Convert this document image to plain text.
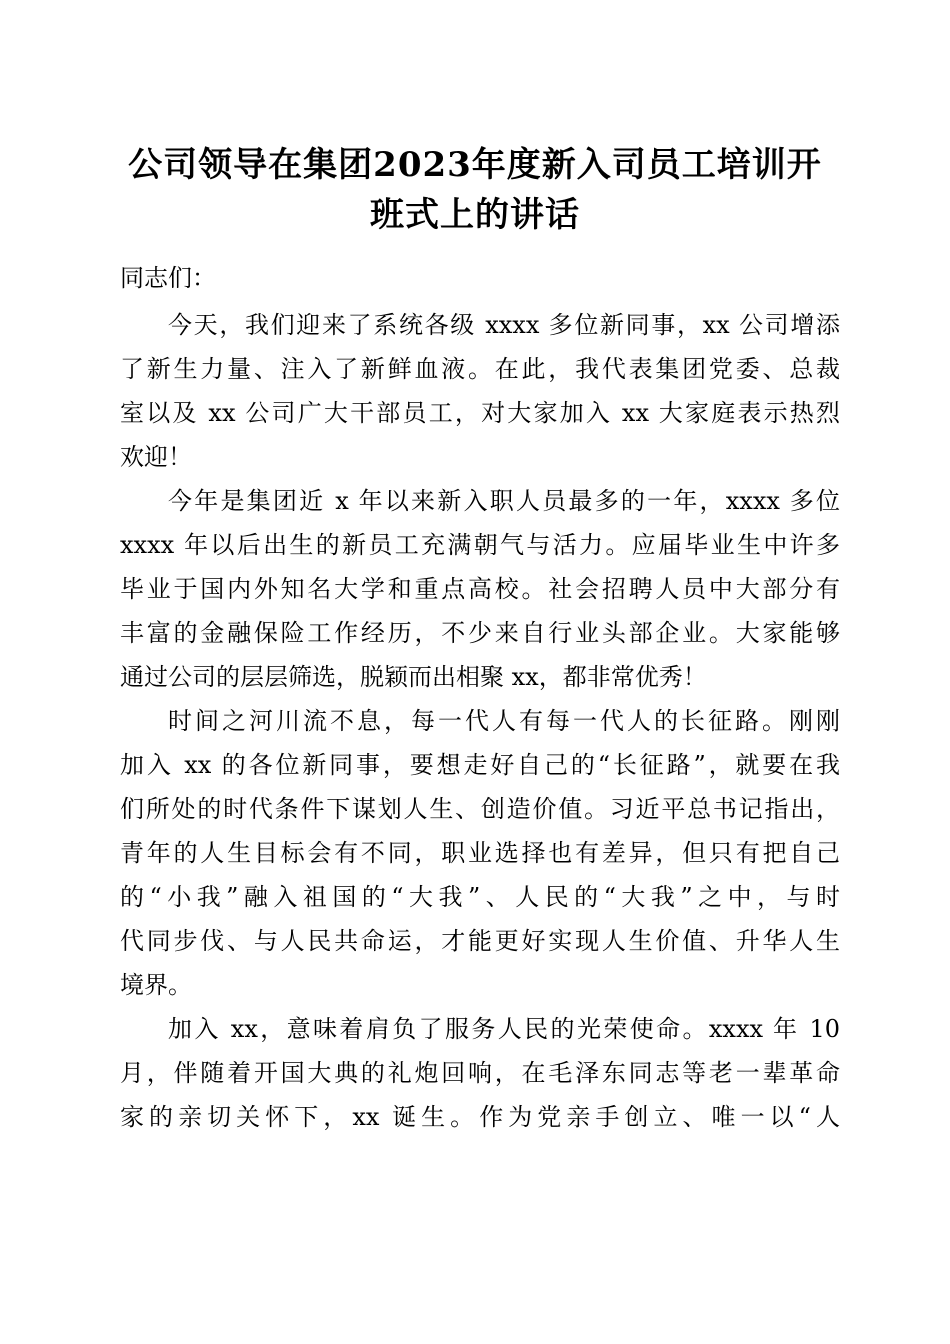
公司领导在集团2023年度新入司员工培训开
班式上的讲话
同志们：
今天，我们迎来了系统各级 xxxx 多位新同事，xx 公司增添
了新生力量、注入了新鲜血液。在此，我代表集团党委、总裁
室以及 xx 公司广大干部员工，对大家加入 xx 大家庭表示热烈
欢迎！
今年是集团近 x 年以来新入职人员最多的一年，xxxx 多位
xxxx 年以后出生的新员工充满朝气与活力。应届毕业生中许多
毕业于国内外知名大学和重点高校。社会招聘人员中大部分有
丰富的金融保险工作经历，不少来自行业头部企业。大家能够
通过公司的层层筛选，脱颖而出相聚 xx，都非常优秀！
时间之河川流不息，每一代人有每一代人的长征路。刚刚
加入 xx 的各位新同事，要想走好自己的“长征路”，就要在我
们所处的时代条件下谋划人生、创造价值。习近平总书记指出，
青年的人生目标会有不同，职业选择也有差异，但只有把自己
的“小我”融入祖国的“大我”、人民的“大我”之中，与时
代同步伐、与人民共命运，才能更好实现人生价值、升华人生
境界。
加入 xx，意味着肩负了服务人民的光荣使命。xxxx 年 10
月，伴随着开国大典的礼炮回响，在毛泽东同志等老一辈革命
家的亲切关怀下，xx 诞生。作为党亲手创立、唯一以“人
